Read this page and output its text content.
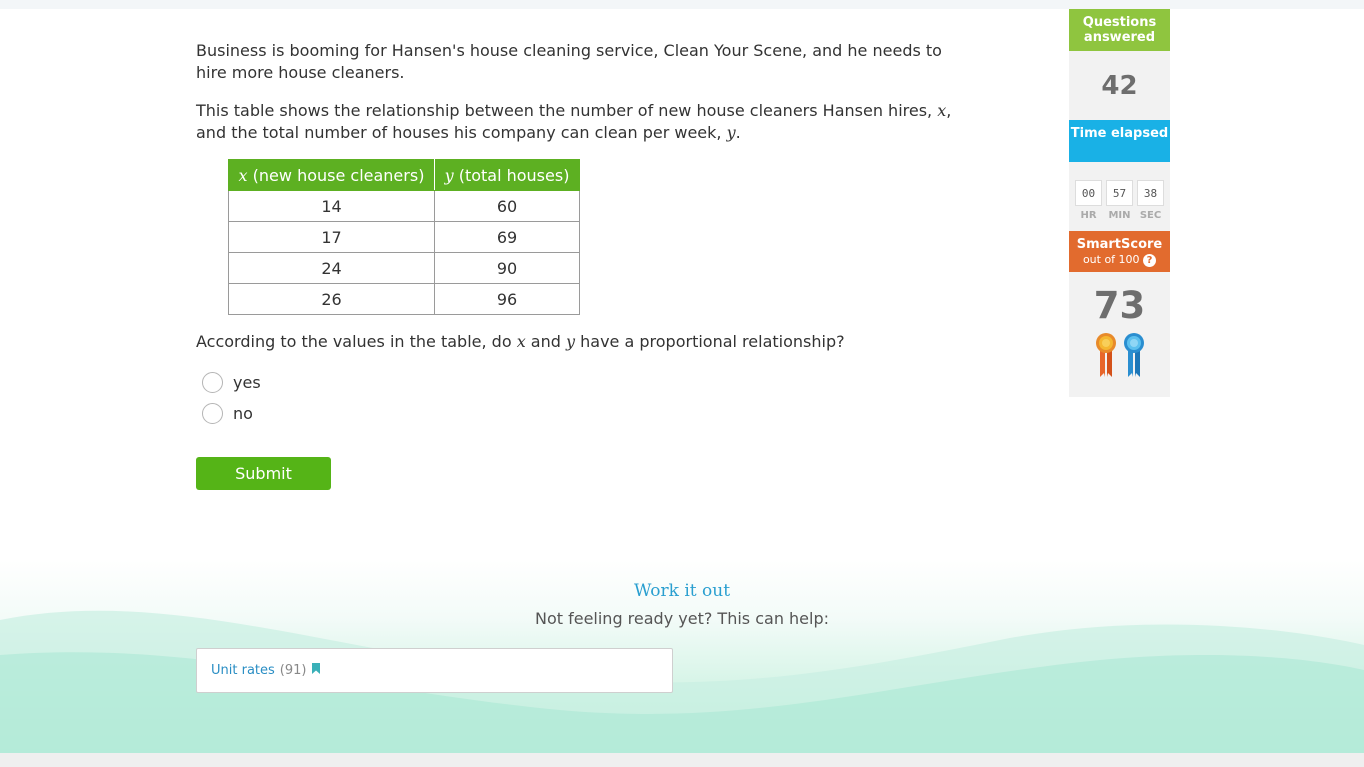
Business is booming for Hansen's house cleaning service, Clean Your Scene, and he needs to hire more house cleaners.

This table shows the relationship between the number of new house cleaners Hansen hires, x, and the total number of houses his company can clean per week, y.

x (new house cleaners)	y (total houses)
14	60
17	69
24	90
26	96
According to the values in the table, do x and y have a proportional relationship?
yes
no
Submit
Work it out
Not feeling ready yet? This can help:
Unit rates (91)
Questions answered
42
Time elapsed
00	57	38
HR	MIN SEC
SmartScore
out of 100 ?
73
